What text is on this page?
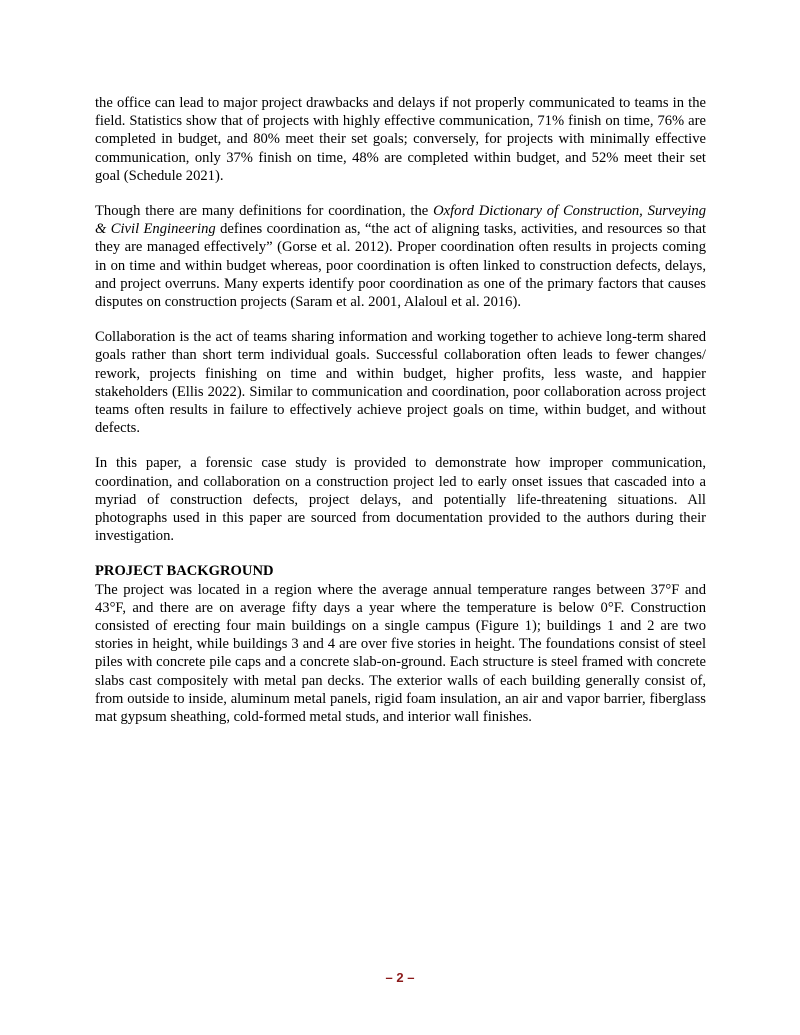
the office can lead to major project drawbacks and delays if not properly communicated to teams in the field. Statistics show that of projects with highly effective communication, 71% finish on time, 76% are completed in budget, and 80% meet their set goals; conversely, for projects with minimally effective communication, only 37% finish on time, 48% are completed within budget, and 52% meet their set goal (Schedule 2021).

Though there are many definitions for coordination, the Oxford Dictionary of Construction, Surveying & Civil Engineering defines coordination as, “the act of aligning tasks, activities, and resources so that they are managed effectively” (Gorse et al. 2012). Proper coordination often results in projects coming in on time and within budget whereas, poor coordination is often linked to construction defects, delays, and project overruns. Many experts identify poor coordination as one of the primary factors that causes disputes on construction projects (Saram et al. 2001, Alaloul et al. 2016).

Collaboration is the act of teams sharing information and working together to achieve long-term shared goals rather than short term individual goals. Successful collaboration often leads to fewer changes/ rework, projects finishing on time and within budget, higher profits, less waste, and happier stakeholders (Ellis 2022). Similar to communication and coordination, poor collaboration across project teams often results in failure to effectively achieve project goals on time, within budget, and without defects.

In this paper, a forensic case study is provided to demonstrate how improper communication, coordination, and collaboration on a construction project led to early onset issues that cascaded into a myriad of construction defects, project delays, and potentially life-threatening situations. All photographs used in this paper are sourced from documentation provided to the authors during their investigation.

PROJECT BACKGROUND

The project was located in a region where the average annual temperature ranges between 37°F and 43°F, and there are on average fifty days a year where the temperature is below 0°F. Construction consisted of erecting four main buildings on a single campus (Figure 1); buildings 1 and 2 are two stories in height, while buildings 3 and 4 are over five stories in height. The foundations consist of steel piles with concrete pile caps and a concrete slab-on-ground. Each structure is steel framed with concrete slabs cast compositely with metal pan decks. The exterior walls of each building generally consist of, from outside to inside, aluminum metal panels, rigid foam insulation, an air and vapor barrier, fiberglass mat gypsum sheathing, cold-formed metal studs, and interior wall finishes.

– 2 –
